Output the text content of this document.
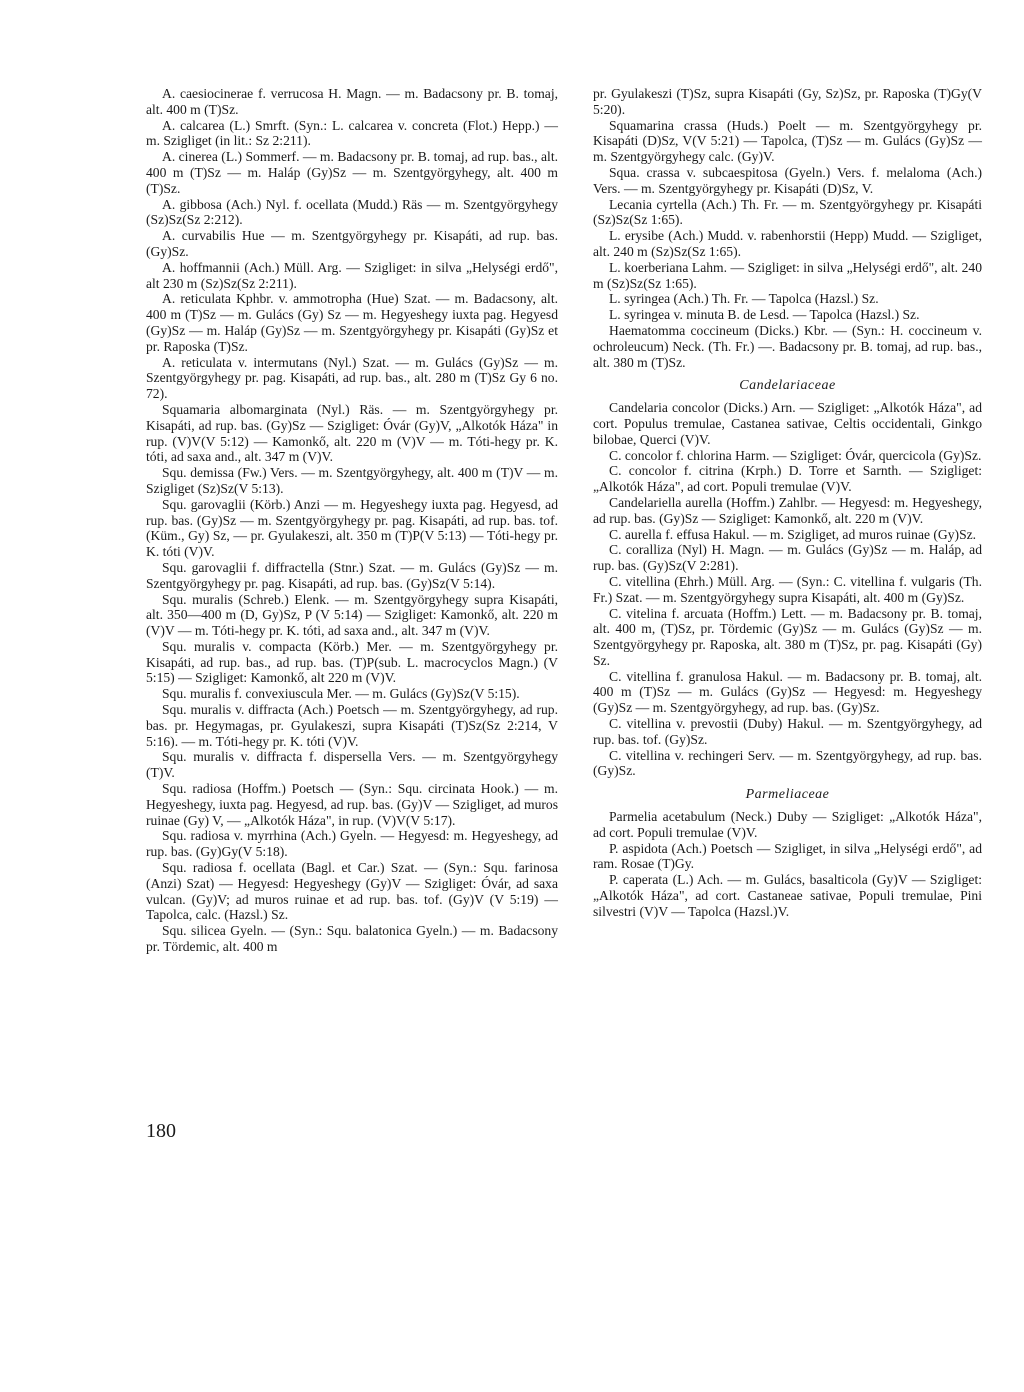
A. caesiocinerae f. verrucosa H. Magn. — m. Badacsony pr. B. tomaj, alt. 400 m (T)Sz.

A. calcarea (L.) Smrft. (Syn.: L. calcarea v. concreta (Flot.) Hepp.) — m. Szigliget (in lit.: Sz 2:211).

A. cinerea (L.) Sommerf. — m. Badacsony pr. B. tomaj, ad rup. bas., alt. 400 m (T)Sz — m. Haláp (Gy)Sz — m. Szentgyörgyhegy, alt. 400 m (T)Sz.

A. gibbosa (Ach.) Nyl. f. ocellata (Mudd.) Räs — m. Szentgyörgyhegy (Sz)Sz(Sz 2:212).

A. curvabilis Hue — m. Szentgyörgyhegy pr. Kisapáti, ad rup. bas. (Gy)Sz.

A. hoffmannii (Ach.) Müll. Arg. — Szigliget: in silva „Helységi erdő", alt 230 m (Sz)Sz(Sz 2:211).

A. reticulata Kphbr. v. ammotropha (Hue) Szat. — m. Badacsony, alt. 400 m (T)Sz — m. Gulács (Gy) Sz — m. Hegyeshegy iuxta pag. Hegyesd (Gy)Sz — m. Haláp (Gy)Sz — m. Szentgyörgyhegy pr. Kisapáti (Gy)Sz et pr. Raposka (T)Sz.

A. reticulata v. intermutans (Nyl.) Szat. — m. Gulács (Gy)Sz — m. Szentgyörgyhegy pr. pag. Kisapáti, ad rup. bas., alt. 280 m (T)Sz Gy 6 no. 72).

Squamaria albomarginata (Nyl.) Räs. — m. Szentgyörgyhegy pr. Kisapáti, ad rup. bas. (Gy)Sz — Szigliget: Óvár (Gy)V, „Alkotók Háza" in rup. (V)V(V 5:12) — Kamonkő, alt. 220 m (V)V — m. Tóti-hegy pr. K. tóti, ad saxa and., alt. 347 m (V)V.

Squ. demissa (Fw.) Vers. — m. Szentgyörgyhegy, alt. 400 m (T)V — m. Szigliget (Sz)Sz(V 5:13).

Squ. garovaglii (Körb.) Anzi — m. Hegyeshegy iuxta pag. Hegyesd, ad rup. bas. (Gy)Sz — m. Szentgyörgyhegy pr. pag. Kisapáti, ad rup. bas. tof. (Küm., Gy) Sz, — pr. Gyulakeszi, alt. 350 m (T)P(V 5:13) — Tóti-hegy pr. K. tóti (V)V.

Squ. garovaglii f. diffractella (Stnr.) Szat. — m. Gulács (Gy)Sz — m. Szentgyörgyhegy pr. pag. Kisapáti, ad rup. bas. (Gy)Sz(V 5:14).

Squ. muralis (Schreb.) Elenk. — m. Szentgyörgyhegy supra Kisapáti, alt. 350—400 m (D, Gy)Sz, P (V 5:14) — Szigliget: Kamonkő, alt. 220 m (V)V — m. Tóti-hegy pr. K. tóti, ad saxa and., alt. 347 m (V)V.

Squ. muralis v. compacta (Körb.) Mer. — m. Szentgyörgyhegy pr. Kisapáti, ad rup. bas., ad rup. bas. (T)P(sub. L. macrocyclos Magn.) (V 5:15) — Szigliget: Kamonkő, alt 220 m (V)V.

Squ. muralis f. convexiuscula Mer. — m. Gulács (Gy)Sz(V 5:15).

Squ. muralis v. diffracta (Ach.) Poetsch — m. Szentgyörgyhegy, ad rup. bas. pr. Hegymagas, pr. Gyulakeszi, supra Kisapáti (T)Sz(Sz 2:214, V 5:16). — m. Tóti-hegy pr. K. tóti (V)V.

Squ. muralis v. diffracta f. dispersella Vers. — m. Szentgyörgyhegy (T)V.

Squ. radiosa (Hoffm.) Poetsch — (Syn.: Squ. circinata Hook.) — m. Hegyeshegy, iuxta pag. Hegyesd, ad rup. bas. (Gy)V — Szigliget, ad muros ruinae (Gy) V, — „Alkotók Háza", in rup. (V)V(V 5:17).

Squ. radiosa v. myrrhina (Ach.) Gyeln. — Hegyesd: m. Hegyeshegy, ad rup. bas. (Gy)Gy(V 5:18).

Squ. radiosa f. ocellata (Bagl. et Car.) Szat. — (Syn.: Squ. farinosa (Anzi) Szat) — Hegyesd: Hegyeshegy (Gy)V — Szigliget: Óvár, ad saxa vulcan. (Gy)V; ad muros ruinae et ad rup. bas. tof. (Gy)V (V 5:19) — Tapolca, calc. (Hazsl.) Sz.

Squ. silicea Gyeln. — (Syn.: Squ. balatonica Gyeln.) — m. Badacsony pr. Tördemic, alt. 400 m

pr. Gyulakeszi (T)Sz, supra Kisapáti (Gy, Sz)Sz, pr. Raposka (T)Gy(V 5:20).

Squamarina crassa (Huds.) Poelt — m. Szentgyörgyhegy pr. Kisapáti (D)Sz, V(V 5:21) — Tapolca, (T)Sz — m. Gulács (Gy)Sz — m. Szentgyörgyhegy calc. (Gy)V.

Squa. crassa v. subcaespitosa (Gyeln.) Vers. f. melaloma (Ach.) Vers. — m. Szentgyörgyhegy pr. Kisapáti (D)Sz, V.

Lecania cyrtella (Ach.) Th. Fr. — m. Szentgyörgyhegy pr. Kisapáti (Sz)Sz(Sz 1:65).

L. erysibe (Ach.) Mudd. v. rabenhorstii (Hepp) Mudd. — Szigliget, alt. 240 m (Sz)Sz(Sz 1:65).

L. koerberiana Lahm. — Szigliget: in silva „Helységi erdő", alt. 240 m (Sz)Sz(Sz 1:65).

L. syringea (Ach.) Th. Fr. — Tapolca (Hazsl.) Sz.

L. syringea v. minuta B. de Lesd. — Tapolca (Hazsl.) Sz.

Haematomma coccineum (Dicks.) Kbr. — (Syn.: H. coccineum v. ochroleucum) Neck. (Th. Fr.) —. Badacsony pr. B. tomaj, ad rup. bas., alt. 380 m (T)Sz.

Candelariaceae

Candelaria concolor (Dicks.) Arn. — Szigliget: „Alkotók Háza", ad cort. Populus tremulae, Castanea sativae, Celtis occidentali, Ginkgo bilobae, Querci (V)V.

C. concolor f. chlorina Harm. — Szigliget: Óvár, quercicola (Gy)Sz.

C. concolor f. citrina (Krph.) D. Torre et Sarnth. — Szigliget: „Alkotók Háza", ad cort. Populi tremulae (V)V.

Candelariella aurella (Hoffm.) Zahlbr. — Hegyesd: m. Hegyeshegy, ad rup. bas. (Gy)Sz — Szigliget: Kamonkő, alt. 220 m (V)V.

C. aurella f. effusa Hakul. — m. Szigliget, ad muros ruinae (Gy)Sz.

C. coralliza (Nyl) H. Magn. — m. Gulács (Gy)Sz — m. Haláp, ad rup. bas. (Gy)Sz(V 2:281).

C. vitellina (Ehrh.) Müll. Arg. — (Syn.: C. vitellina f. vulgaris (Th. Fr.) Szat. — m. Szentgyörgyhegy supra Kisapáti, alt. 400 m (Gy)Sz.

C. vitelina f. arcuata (Hoffm.) Lett. — m. Badacsony pr. B. tomaj, alt. 400 m, (T)Sz, pr. Tördemic (Gy)Sz — m. Gulács (Gy)Sz — m. Szentgyörgyhegy pr. Raposka, alt. 380 m (T)Sz, pr. pag. Kisapáti (Gy) Sz.

C. vitellina f. granulosa Hakul. — m. Badacsony pr. B. tomaj, alt. 400 m (T)Sz — m. Gulács (Gy)Sz — Hegyesd: m. Hegyeshegy (Gy)Sz — m. Szentgyörgyhegy, ad rup. bas. (Gy)Sz.

C. vitellina v. prevostii (Duby) Hakul. — m. Szentgyörgyhegy, ad rup. bas. tof. (Gy)Sz.

C. vitellina v. rechingeri Serv. — m. Szentgyörgyhegy, ad rup. bas. (Gy)Sz.

Parmeliaceae

Parmelia acetabulum (Neck.) Duby — Szigliget: „Alkotók Háza", ad cort. Populi tremulae (V)V.

P. aspidota (Ach.) Poetsch — Szigliget, in silva „Helységi erdő", ad ram. Rosae (T)Gy.

P. caperata (L.) Ach. — m. Gulács, basalticola (Gy)V — Szigliget: „Alkotók Háza", ad cort. Castaneae sativae, Populi tremulae, Pini silvestri (V)V — Tapolca (Hazsl.)V.

180
